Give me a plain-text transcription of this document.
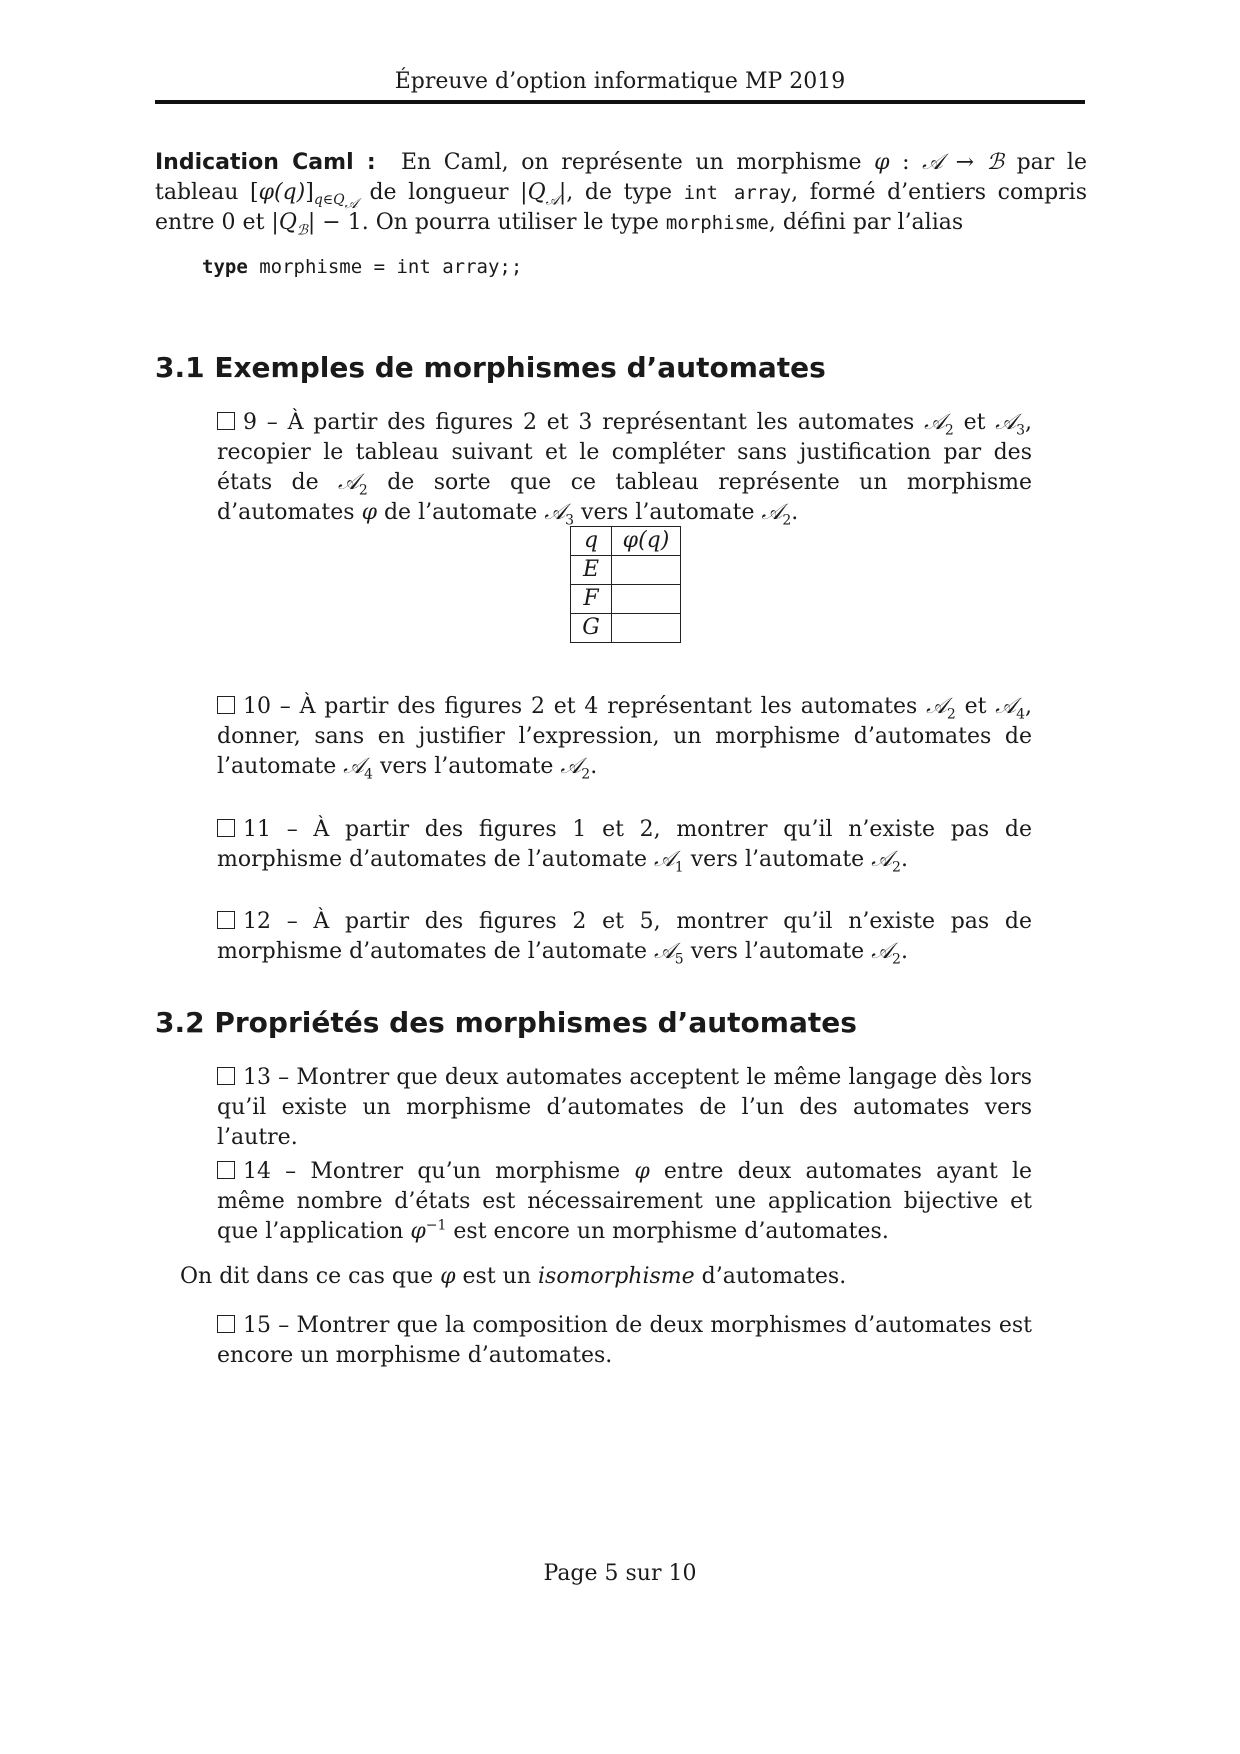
Épreuve d’option informatique MP 2019
Indication Caml : En Caml, on représente un morphisme φ : 𝒜 → ℬ par le tableau $[\varphi(q)]_{q\in Q_𝒜}$ de longueur $|Q_𝒜|$, de type int array, formé d’entiers compris entre 0 et $|Q_ℬ| - 1$. On pourra utiliser le type morphisme, défini par l’alias
type morphisme = int array;;
3.1 Exemples de morphismes d’automates
9 – À partir des figures 2 et 3 représentant les automates 𝒜$_2$ et 𝒜$_3$, recopier le tableau suivant et le compléter sans justification par des états de 𝒜$_2$ de sorte que ce tableau représente un morphisme d’automates φ de l’automate 𝒜$_3$ vers l’automate 𝒜$_2$.
q	φ(q)
E	
F	
G	
10 – À partir des figures 2 et 4 représentant les automates 𝒜$_2$ et 𝒜$_4$, donner, sans en justifier l’expression, un morphisme d’automates de l’automate 𝒜$_4$ vers l’automate 𝒜$_2$.
11 – À partir des figures 1 et 2, montrer qu’il n’existe pas de morphisme d’automates de l’automate 𝒜$_1$ vers l’automate 𝒜$_2$.
12 – À partir des figures 2 et 5, montrer qu’il n’existe pas de morphisme d’automates de l’automate 𝒜$_5$ vers l’automate 𝒜$_2$.
3.2 Propriétés des morphismes d’automates
13 – Montrer que deux automates acceptent le même langage dès lors qu’il existe un morphisme d’automates de l’un des automates vers l’autre.
14 – Montrer qu’un morphisme φ entre deux automates ayant le même nombre d’états est nécessairement une application bijective et que l’application $\varphi^{-1}$ est encore un morphisme d’automates.
On dit dans ce cas que φ est un isomorphisme d’automates.
15 – Montrer que la composition de deux morphismes d’automates est encore un morphisme d’automates.
Page 5 sur 10
